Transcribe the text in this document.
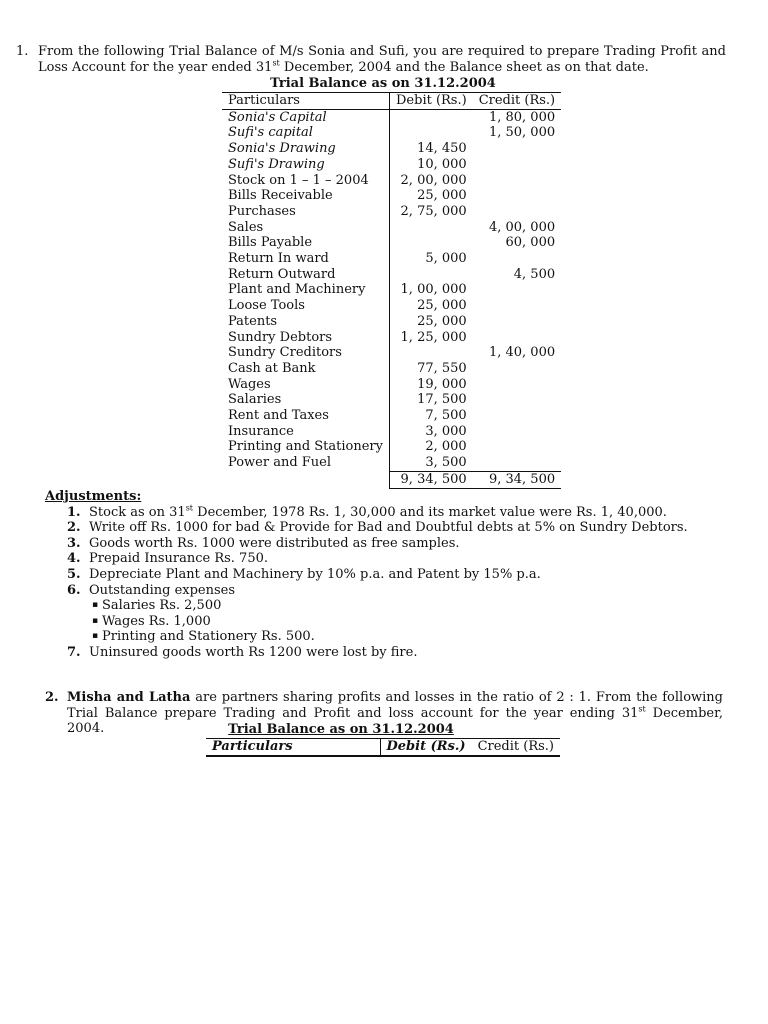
1. From the following Trial Balance of M/s Sonia and Sufi, you are required to prepare Trading Profit and Loss Account for the year ended 31st December, 2004 and the Balance sheet as on that date.
Trial Balance as on 31.12.2004
Particulars	Debit (Rs.)	Credit (Rs.)
Sonia's Capital		1, 80, 000
Sufi's capital		1, 50, 000
Sonia's Drawing	14, 450	
Sufi's Drawing	10, 000	
Stock on 1 – 1 – 2004	2, 00, 000	
Bills Receivable	25, 000	
Purchases	2, 75, 000	
Sales		4, 00, 000
Bills Payable		60, 000
Return In ward	5, 000	
Return Outward		4, 500
Plant and Machinery	1, 00, 000	
Loose Tools	25, 000	
Patents	25, 000	
Sundry Debtors	1, 25, 000	
Sundry Creditors		1, 40, 000
Cash at Bank	77, 550	
Wages	19, 000	
Salaries	17, 500	
Rent and Taxes	7, 500	
Insurance	3, 000	
Printing and Stationery	2, 000	
Power and Fuel	3, 500	
	9, 34, 500	9, 34, 500
Adjustments:
1. Stock as on 31st December, 1978 Rs. 1, 30,000 and its market value were Rs. 1, 40,000.
2. Write off Rs. 1000 for bad & Provide for Bad and Doubtful debts at 5% on Sundry Debtors.
3. Goods worth Rs. 1000 were distributed as free samples.
4. Prepaid Insurance Rs. 750.
5. Depreciate Plant and Machinery by 10% p.a. and Patent by 15% p.a.
6. Outstanding expenses
▪ Salaries Rs. 2,500
▪ Wages Rs. 1,000
▪ Printing and Stationery Rs. 500.
7. Uninsured goods worth Rs 1200 were lost by fire.
2. Misha and Latha are partners sharing profits and losses in the ratio of 2 : 1. From the following Trial Balance prepare Trading and Profit and loss account for the year ending 31st December, 2004.	Trial Balance as on 31.12.2004
Particulars	Debit (Rs.)	Credit (Rs.)
